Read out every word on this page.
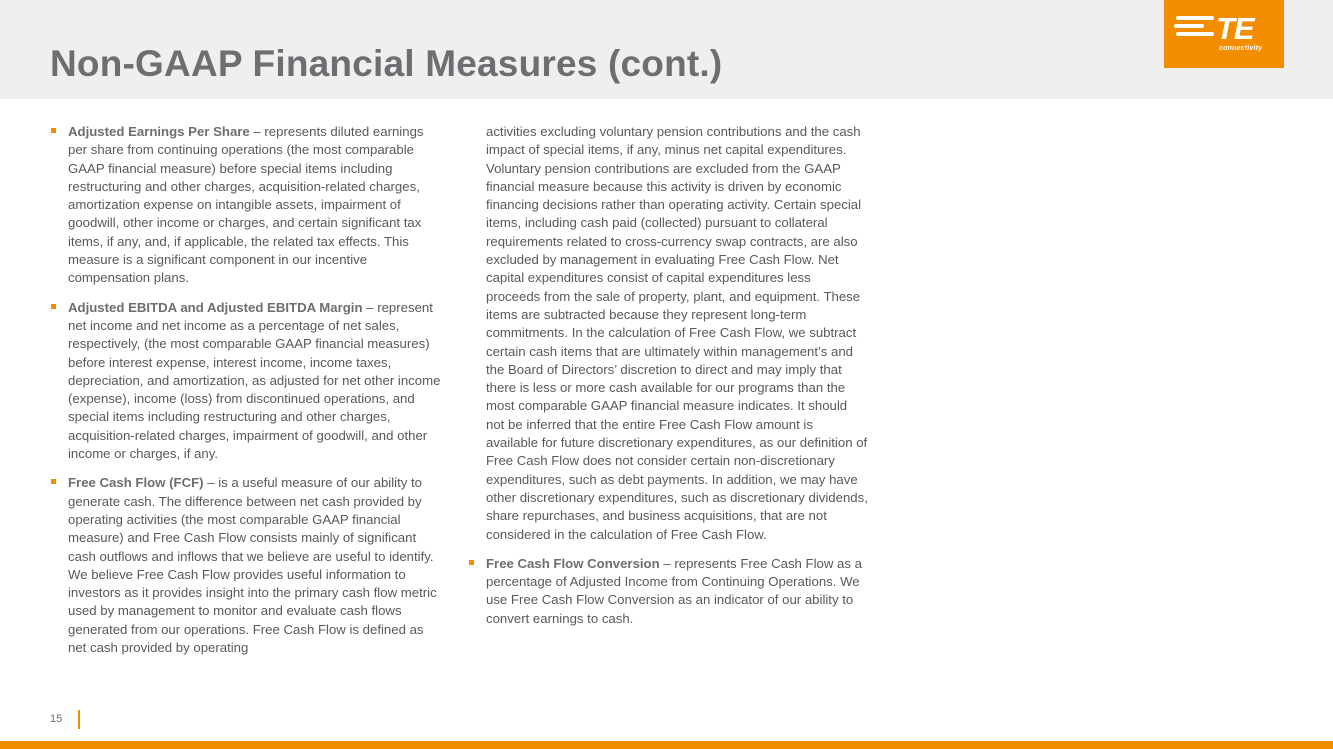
Non-GAAP Financial Measures (cont.)
TE
connectivity
Adjusted Earnings Per Share – represents diluted earnings per share from continuing operations (the most comparable GAAP financial measure) before special items including restructuring and other charges, acquisition-related charges, amortization expense on intangible assets, impairment of goodwill, other income or charges, and certain significant tax items, if any, and, if applicable, the related tax effects. This measure is a significant component in our incentive compensation plans.
Adjusted EBITDA and Adjusted EBITDA Margin – represent net income and net income as a percentage of net sales, respectively, (the most comparable GAAP financial measures) before interest expense, interest income, income taxes, depreciation, and amortization, as adjusted for net other income (expense), income (loss) from discontinued operations, and special items including restructuring and other charges, acquisition-related charges, impairment of goodwill, and other income or charges, if any.
Free Cash Flow (FCF) – is a useful measure of our ability to generate cash. The difference between net cash provided by operating activities (the most comparable GAAP financial measure) and Free Cash Flow consists mainly of significant cash outflows and inflows that we believe are useful to identify. We believe Free Cash Flow provides useful information to investors as it provides insight into the primary cash flow metric used by management to monitor and evaluate cash flows generated from our operations. Free Cash Flow is defined as net cash provided by operating

activities excluding voluntary pension contributions and the cash impact of special items, if any, minus net capital expenditures. Voluntary pension contributions are excluded from the GAAP financial measure because this activity is driven by economic financing decisions rather than operating activity. Certain special items, including cash paid (collected) pursuant to collateral requirements related to cross-currency swap contracts, are also excluded by management in evaluating Free Cash Flow. Net capital expenditures consist of capital expenditures less proceeds from the sale of property, plant, and equipment. These items are subtracted because they represent long-term commitments. In the calculation of Free Cash Flow, we subtract certain cash items that are ultimately within management’s and the Board of Directors’ discretion to direct and may imply that there is less or more cash available for our programs than the most comparable GAAP financial measure indicates. It should not be inferred that the entire Free Cash Flow amount is available for future discretionary expenditures, as our definition of Free Cash Flow does not consider certain non-discretionary expenditures, such as debt payments. In addition, we may have other discretionary expenditures, such as discretionary dividends, share repurchases, and business acquisitions, that are not considered in the calculation of Free Cash Flow.

Free Cash Flow Conversion – represents Free Cash Flow as a percentage of Adjusted Income from Continuing Operations. We use Free Cash Flow Conversion as an indicator of our ability to convert earnings to cash.
15
